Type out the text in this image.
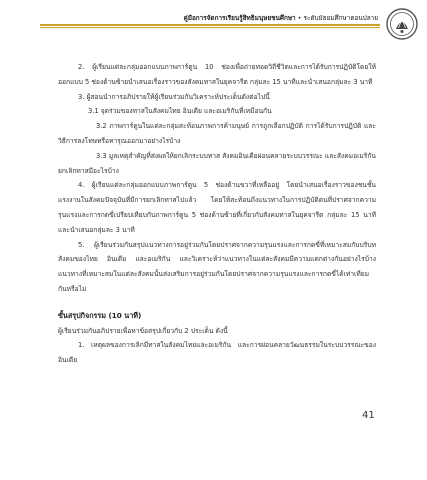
คู่มือการจัดการเรียนรู้สิทธิมนุษยชนศึกษา • ระดับมัธยมศึกษาตอนปลาย

2. ผู้เรียนแต่ละกลุ่มออกแบบภาพการ์ตูน 10 ช่องเพื่อถ่ายทอดวิถีชีวิตและการได้รับการปฏิบัติโดยให้ออกแบบ 5 ช่องด้านซ้ายนำเสนอเรื่องราวของสังคมทาสในยุคจารีต กลุ่มละ 15 นาทีและนำเสนอกลุ่มละ 3 นาที

3. ผู้สอนนำการอภิปรายให้ผู้เรียนร่วมกันวิเคราะห์ประเด็นดังต่อไปนี้

3.1 จุดร่วมของทาสในสังคมไทย อินเดีย และอเมริกันที่เหมือนกัน

3.2 ภาพการ์ตูนในแต่ละกลุ่มสะท้อนภาพการค้ามนุษย์ การถูกเลือกปฏิบัติ การได้รับการปฏิบัติ และวิธีการลงโทษหรือทารุณออกมาอย่างไรบ้าง

3.3 มูลเหตุสำคัญที่ส่งผลให้ยกเลิกระบบทาส สังคมอินเดียผ่อนคลายระบบวรรณะ และสังคมอเมริกันยกเลิกทาสมีอะไรบ้าง

4. ผู้เรียนแต่ละกลุ่มออกแบบภาพการ์ตูน 5 ช่องด้านขวาที่เหลืออยู่ โดยนำเสนอเรื่องราวของชนชั้นแรงงานในสังคมปัจจุบันที่มีการยกเลิกทาสไปแล้ว โดยให้สะท้อนถึงแนวทางในการปฏิบัติตนที่ปราศจากความรุนแรงและการกดขี่เปรียบเทียบกับภาพการ์ตูน 5 ช่องด้านซ้ายที่เกี่ยวกับสังคมทาสในยุคจารีต กลุ่มละ 15 นาทีและนำเสนอกลุ่มละ 3 นาที

5. ผู้เรียนร่วมกันสรุปแนวทางการอยู่ร่วมกันโดยปราศจากความรุนแรงและการกดขี่ที่เหมาะสมกับบริบทสังคมของไทย อินเดีย และอเมริกัน และวิเคราะห์ว่าแนวทางในแต่ละสังคมมีความแตกต่างกันอย่างไรบ้าง แนวทางที่เหมาะสมในแต่ละสังคมนั้นส่งเสริมการอยู่ร่วมกันโดยปราศจากความรุนแรงและการกดขี่ได้เท่าเทียมกันหรือไม่

ขั้นสรุปกิจกรรม (10 นาที)

ผู้เรียนร่วมกันอภิปรายเพื่อหาข้อสรุปเกี่ยวกับ 2 ประเด็น ดังนี้

1. เหตุผลของการเลิกมีทาสในสังคมไทยและอเมริกัน และการผ่อนคลายวัฒนธรรมในระบบวรรณะของอินเดีย

41
